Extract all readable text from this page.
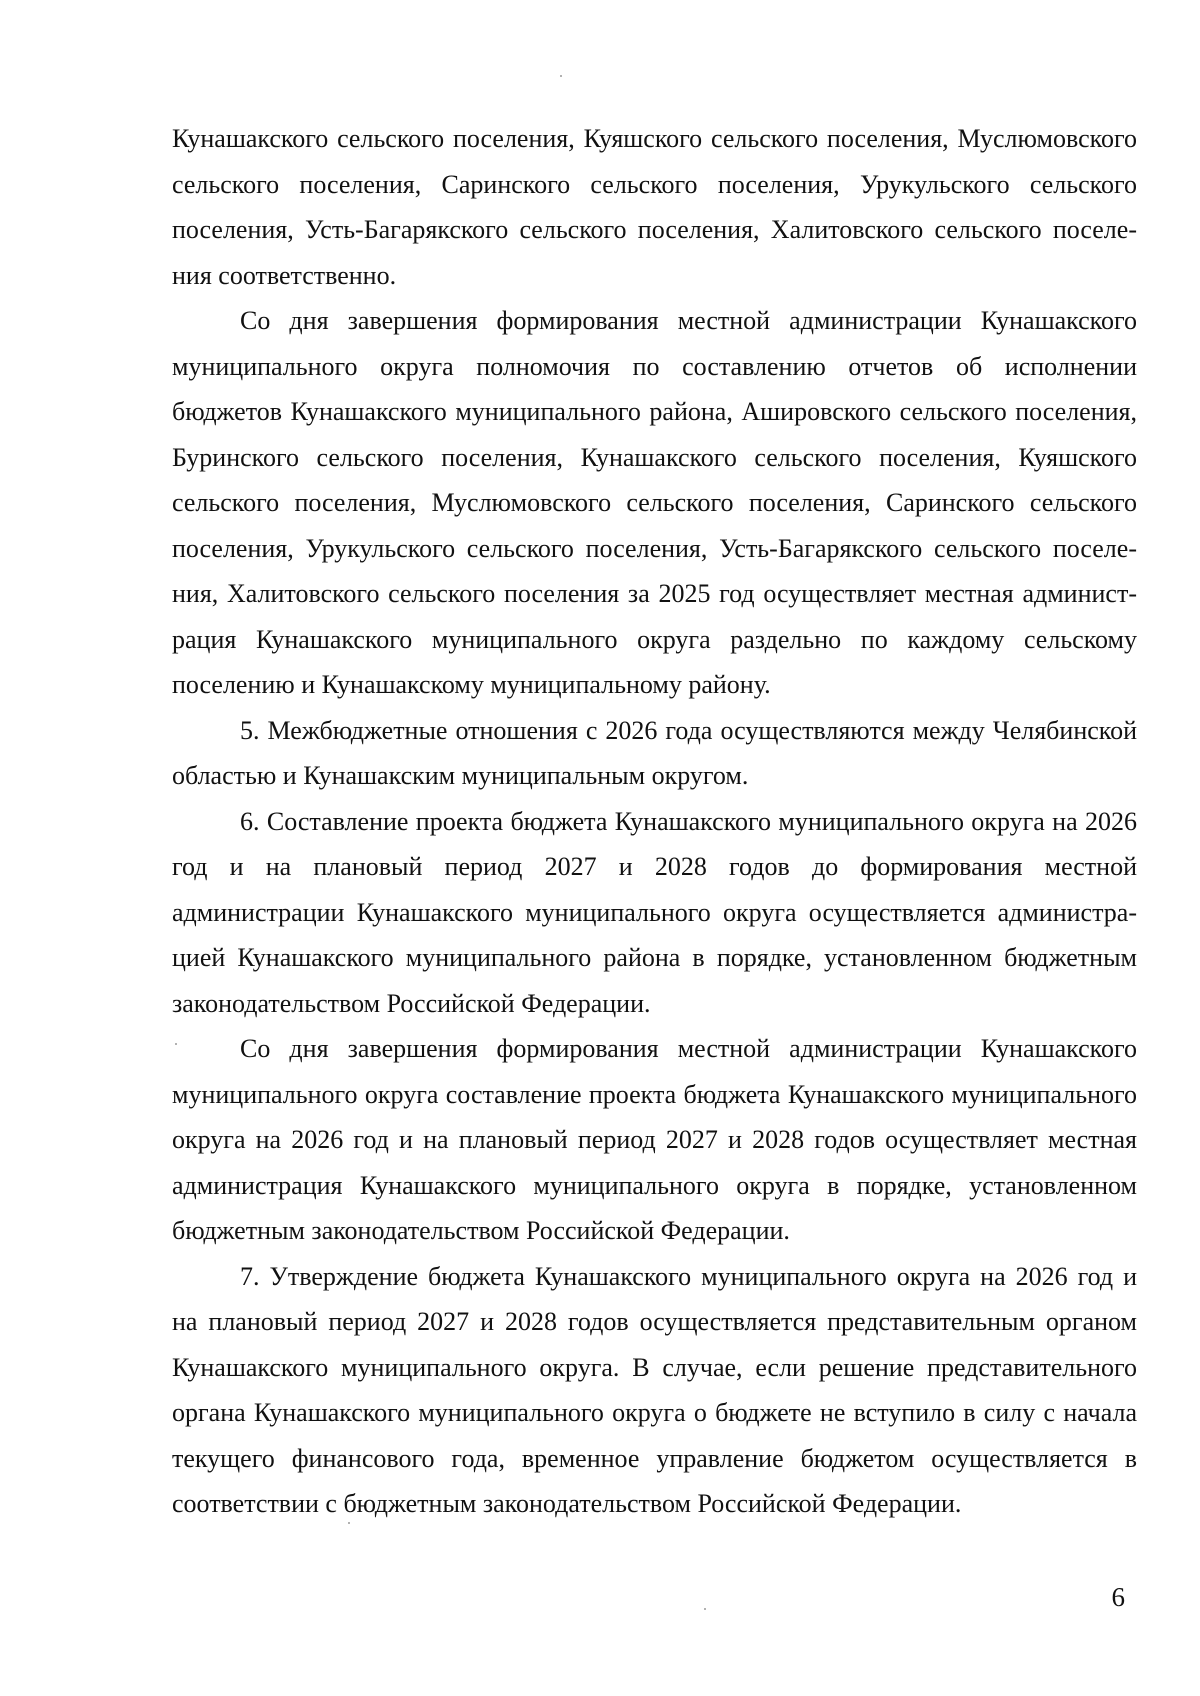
Кунашакского сельского поселения, Куяшского сельского поселения, Муслюмовского сельского поселения, Саринского сельского поселения, Урукульского сельского поселения, Усть-Багарякского сельского поселения, Халитовского сельского поселения соответственно.

Со дня завершения формирования местной администрации Кунашакского муниципального округа полномочия по составлению отчетов об исполнении бюджетов Кунашакского муниципального района, Ашировского сельского поселения, Буринского сельского поселения, Кунашакского сельского поселения, Куяшского сельского поселения, Муслюмовского сельского поселения, Саринского сельского поселения, Урукульского сельского поселения, Усть-Багарякского сельского поселения, Халитовского сельского поселения за 2025 год осуществляет местная администрация Кунашакского муниципального округа раздельно по каждому сельскому поселению и Кунашакскому муниципальному району.

5. Межбюджетные отношения с 2026 года осуществляются между Челябинской областью и Кунашакским муниципальным округом.

6. Составление проекта бюджета Кунашакского муниципального округа на 2026 год и на плановый период 2027 и 2028 годов до формирования местной администрации Кунашакского муниципального округа осуществляется администрацией Кунашакского муниципального района в порядке, установленном бюджетным законодательством Российской Федерации.

Со дня завершения формирования местной администрации Кунашакского муниципального округа составление проекта бюджета Кунашакского муниципального округа на 2026 год и на плановый период 2027 и 2028 годов осуществляет местная администрация Кунашакского муниципального округа в порядке, установленном бюджетным законодательством Российской Федерации.

7. Утверждение бюджета Кунашакского муниципального округа на 2026 год и на плановый период 2027 и 2028 годов осуществляется представительным органом Кунашакского муниципального округа. В случае, если решение представительного органа Кунашакского муниципального округа о бюджете не вступило в силу с начала текущего финансового года, временное управление бюджетом осуществляется в соответствии с бюджетным законодательством Российской Федерации.

6
